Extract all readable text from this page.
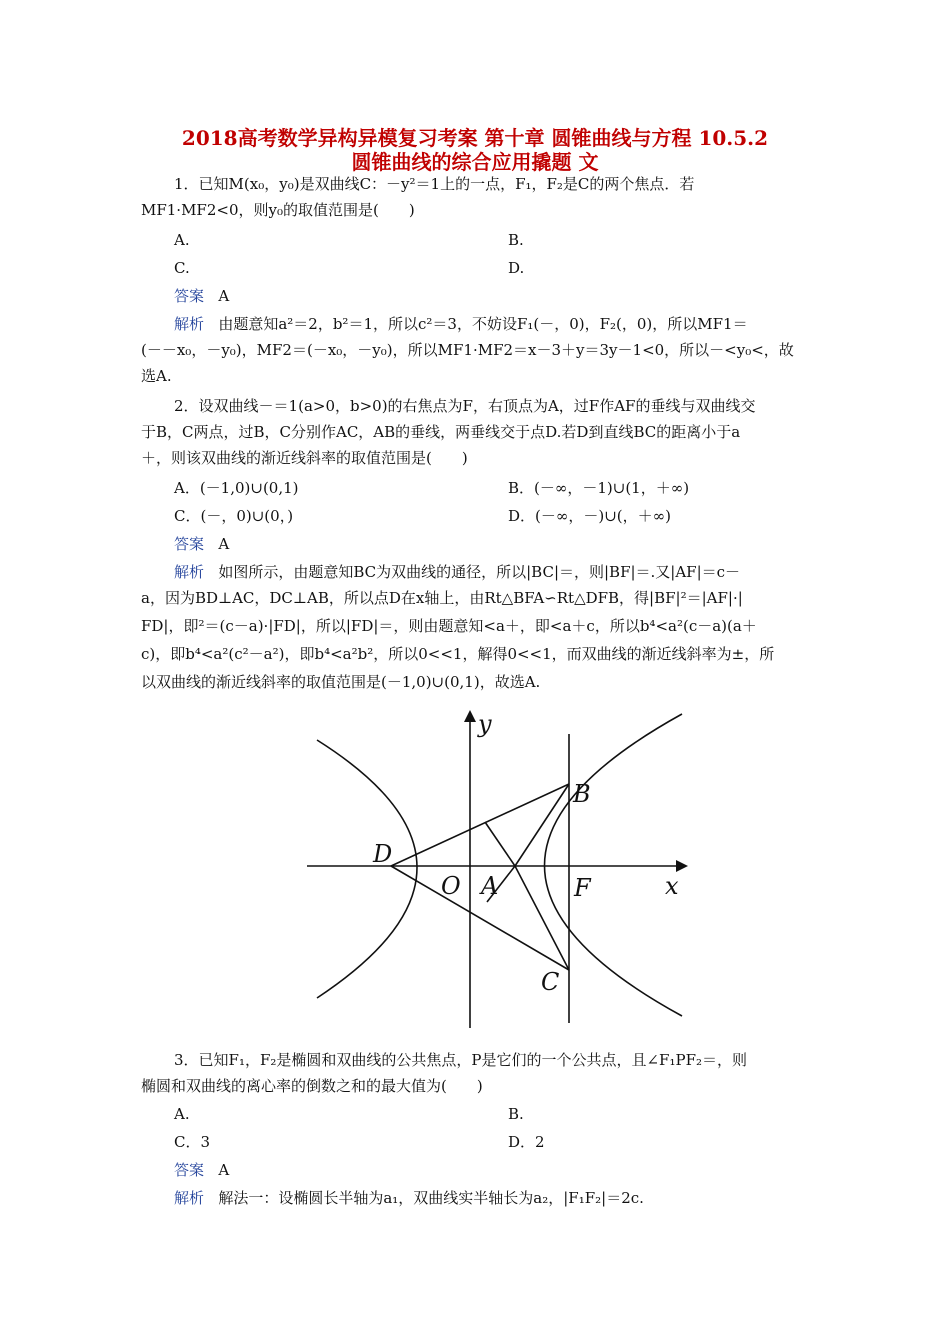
2018高考数学异构异模复习考案 第十章 圆锥曲线与方程 10.5.2
圆锥曲线的综合应用撬题 文
1．已知M(x₀，y₀)是双曲线C：－y²＝1上的一点，F₁，F₂是C的两个焦点．若
MF1·MF2<0，则y₀的取值范围是(　　)
A.	B.
C.	D.
答案 A
解析 由题意知a²＝2，b²＝1，所以c²＝3，不妨设F₁(－，0)，F₂(，0)，所以MF1＝
(－－x₀，－y₀)，MF2＝(－x₀，－y₀)，所以MF1·MF2＝x－3＋y＝3y－1<0，所以－<y₀<，故
选A.
2．设双曲线－＝1(a>0，b>0)的右焦点为F，右顶点为A，过F作AF的垂线与双曲线交
于B，C两点，过B，C分别作AC，AB的垂线，两垂线交于点D.若D到直线BC的距离小于a
＋，则该双曲线的渐近线斜率的取值范围是(　　)
A．(－1,0)∪(0,1)	B．(－∞，－1)∪(1，＋∞)
C．(－，0)∪(0，)	D．(－∞，－)∪(，＋∞)
答案 A
解析 如图所示，由题意知BC为双曲线的通径，所以|BC|＝，则|BF|＝.又|AF|＝c－
a，因为BD⊥AC，DC⊥AB，所以点D在x轴上，由Rt△BFA∽Rt△DFB，得|BF|²＝|AF|·|
FD|，即²＝(c－a)·|FD|，所以|FD|＝，则由题意知<a＋，即<a＋c，所以b⁴<a²(c－a)(a＋
c)，即b⁴<a²(c²－a²)，即b⁴<a²b²，所以0<<1，解得0<<1，而双曲线的渐近线斜率为±，所
以双曲线的渐近线斜率的取值范围是(－1,0)∪(0,1)，故选A.
y
x
B
C
D
O A	F
3．已知F₁，F₂是椭圆和双曲线的公共焦点，P是它们的一个公共点，且∠F₁PF₂＝，则
椭圆和双曲线的离心率的倒数之和的最大值为(　　)
A.	B.
C．3	D．2
答案 A
解析 解法一：设椭圆长半轴为a₁，双曲线实半轴长为a₂，|F₁F₂|＝2c.
